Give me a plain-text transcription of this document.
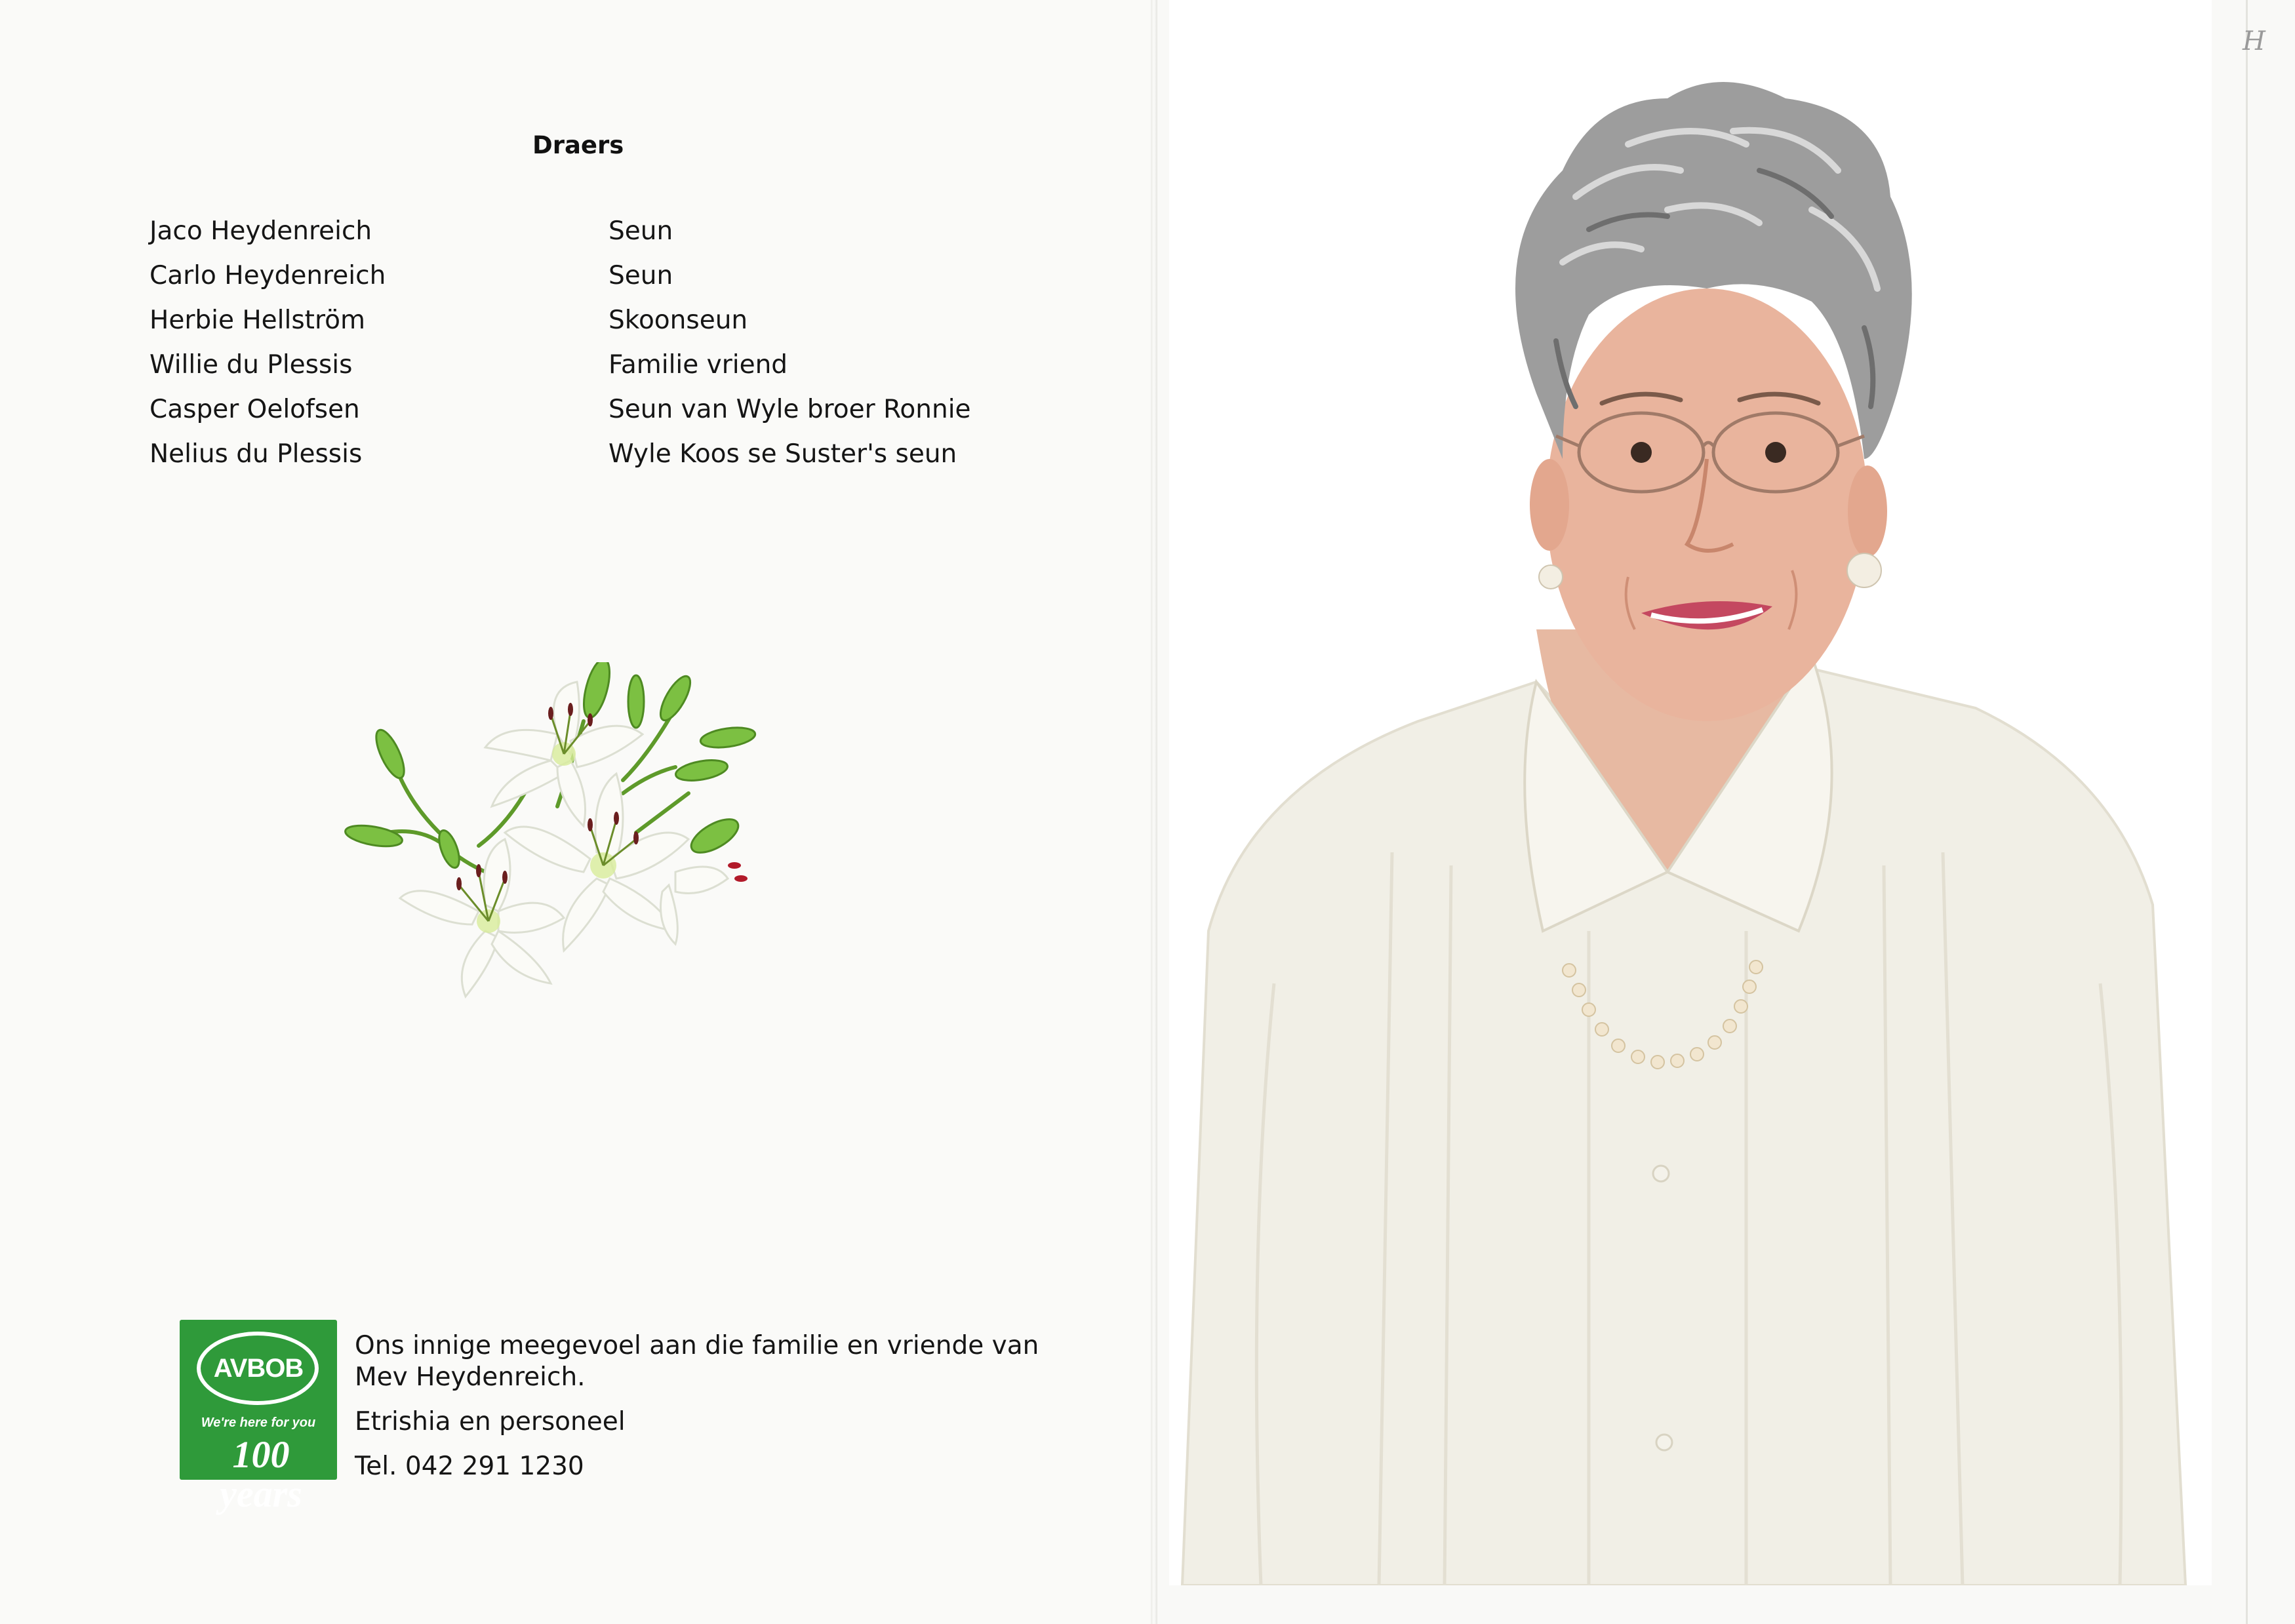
Draers
Jaco Heydenreich	Seun
Carlo Heydenreich	Seun
Herbie Hellström	Skoonseun
Willie du Plessis	Familie vriend
Casper Oelofsen	Seun van Wyle broer Ronnie
Nelius du Plessis	Wyle Koos se Suster's seun
AVBOB
We're here for you
100 years
Ons innige meegevoel aan die familie en vriende van
Mev Heydenreich.
Etrishia en personeel
Tel. 042 291 1230
H
